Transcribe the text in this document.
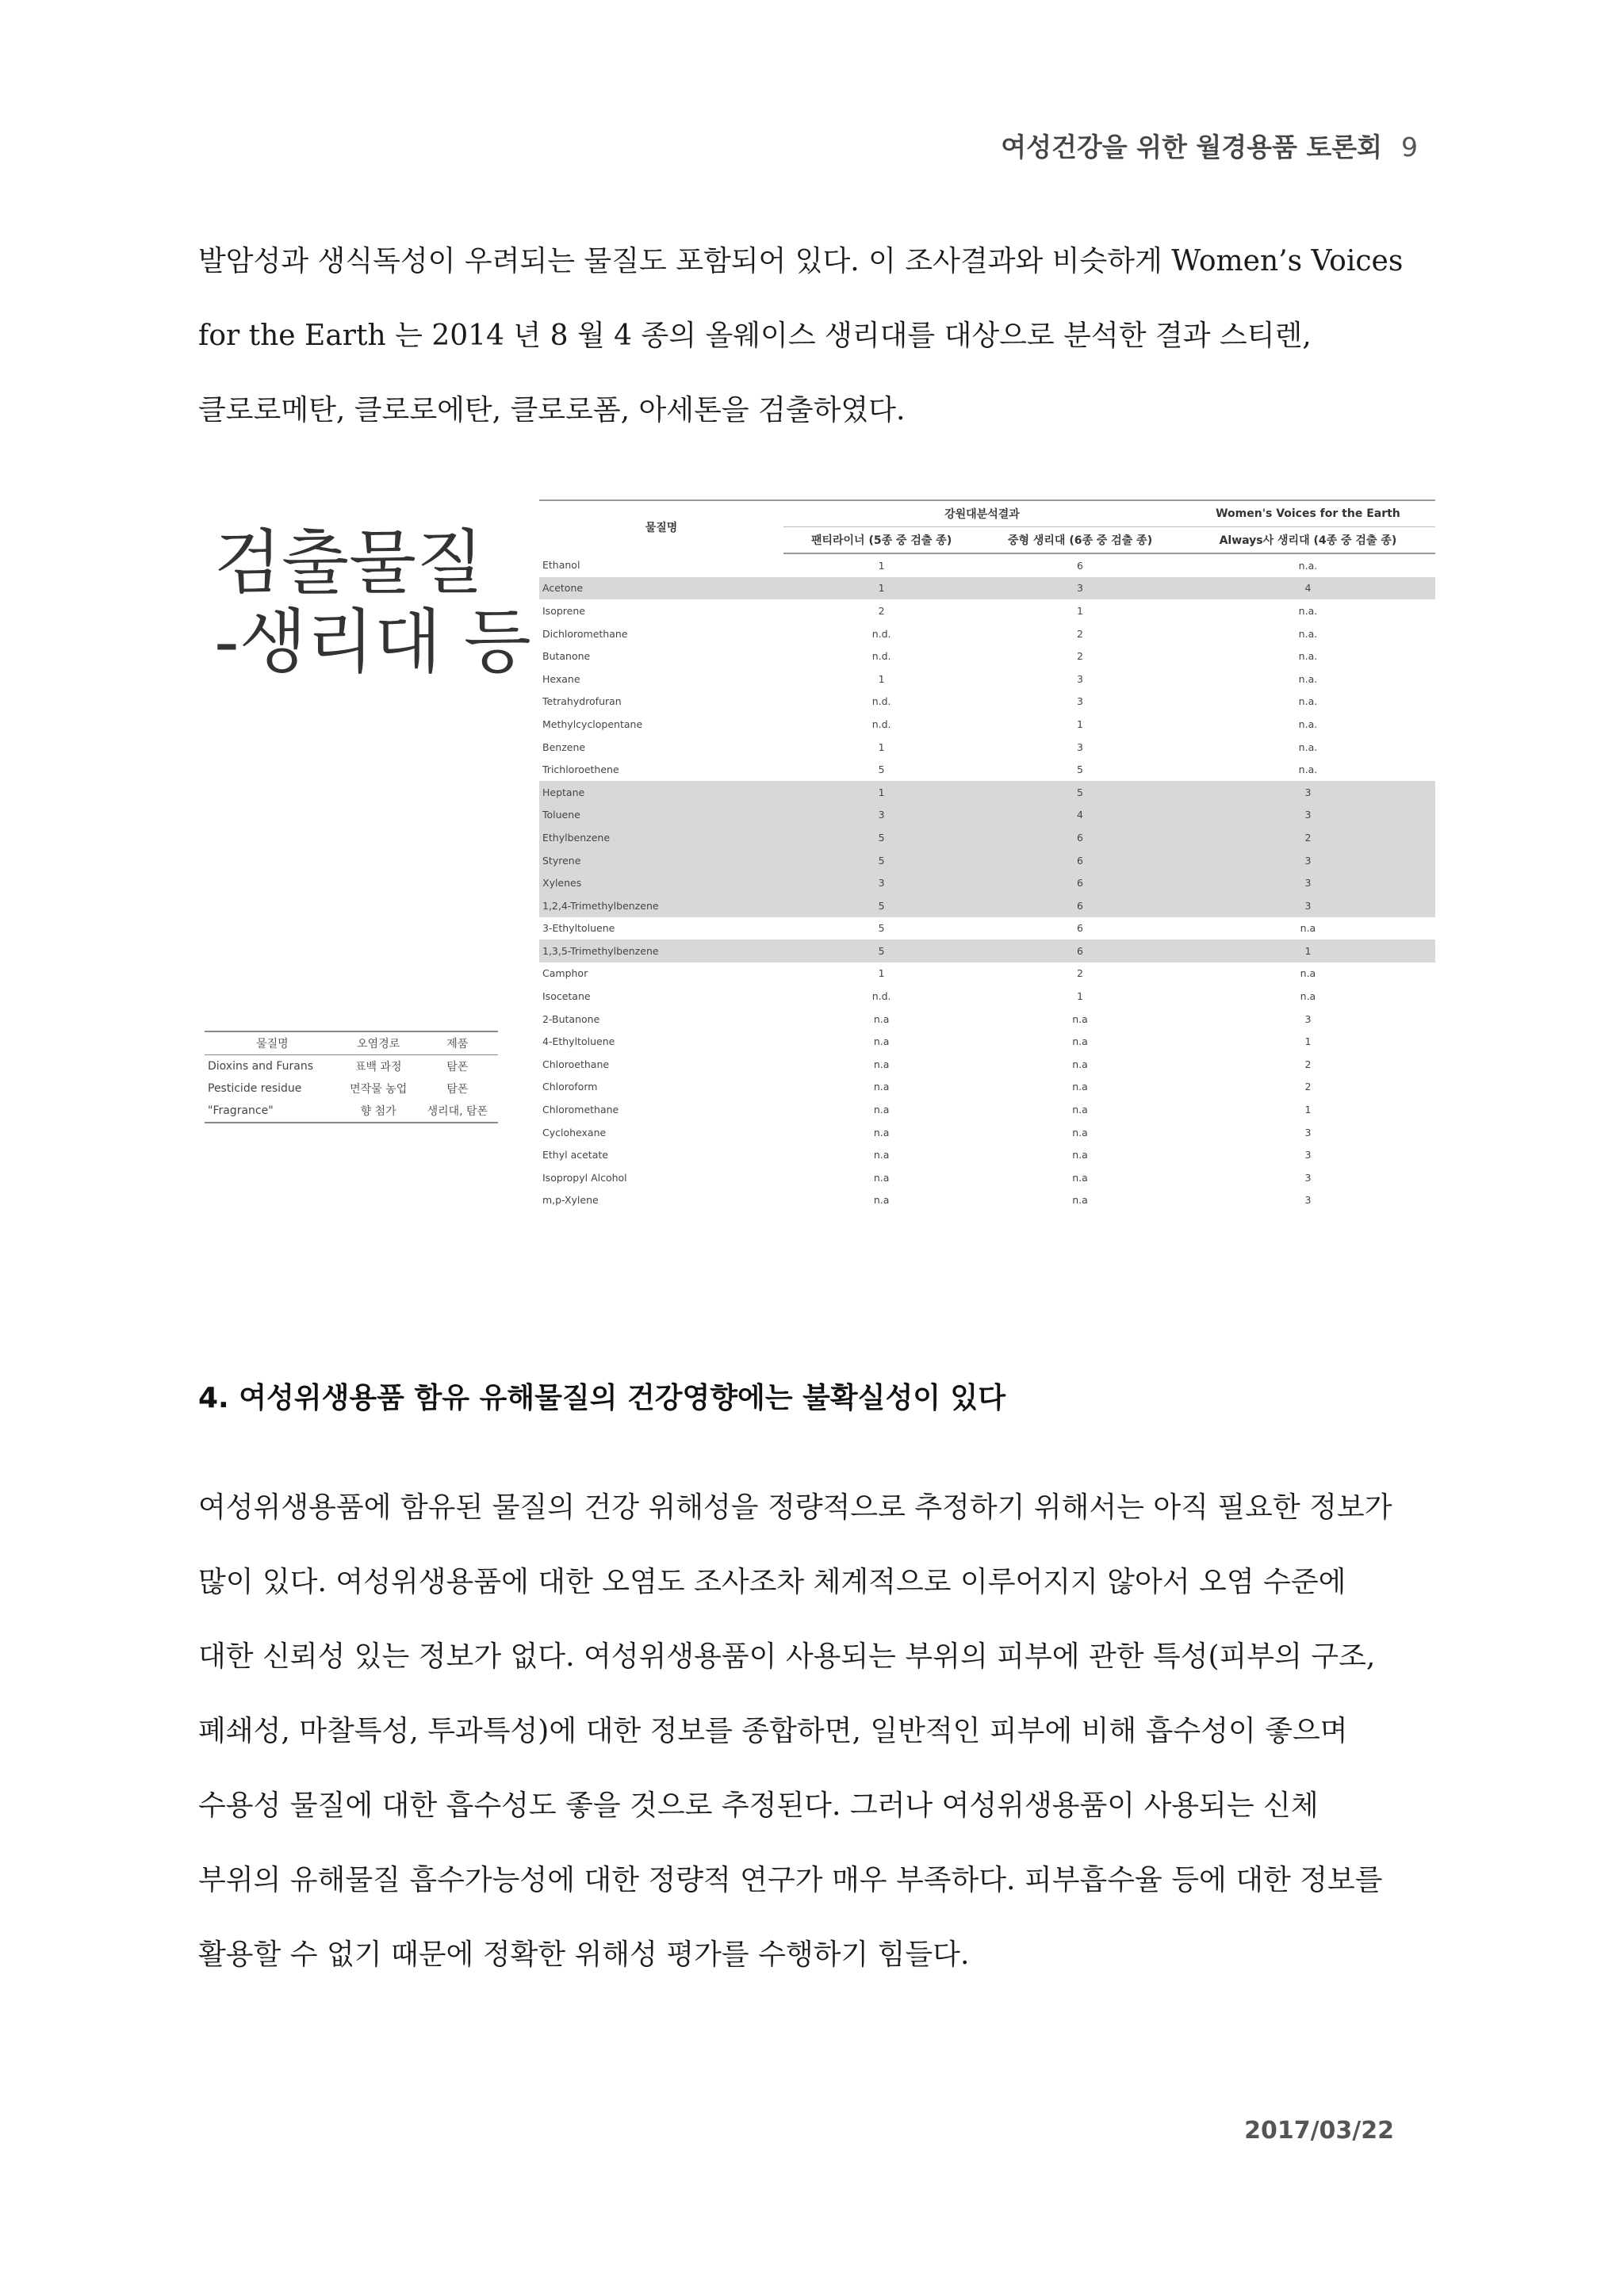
여성건강을 위한 월경용품 토론회 9

발암성과 생식독성이 우려되는 물질도 포함되어 있다. 이 조사결과와 비슷하게 Women’s Voices

for the Earth 는 2014 년 8 월 4 종의 올웨이스 생리대를 대상으로 분석한 결과 스티렌,

클로로메탄, 클로로에탄, 클로로폼, 아세톤을 검출하였다.

검출물질
-생리대 등
물질명	오염경로	제품
Dioxins and Furans	표백 과정	탐폰
Pesticide residue	면작물 농업	탐폰
"Fragrance"	향 첨가	생리대, 탐폰
물질명	강원대분석결과		Women's Voices for the Earth
	팬티라이너 (5종 중 검출 종)	중형 생리대 (6종 중 검출 종)	Always사 생리대 (4종 중 검출 종)
Ethanol	1	6	n.a.
Acetone	1	3	4
Isoprene	2	1	n.a.
Dichloromethane	n.d.	2	n.a.
Butanone	n.d.	2	n.a.
Hexane	1	3	n.a.
Tetrahydrofuran	n.d.	3	n.a.
Methylcyclopentane	n.d.	1	n.a.
Benzene	1	3	n.a.
Trichloroethene	5	5	n.a.
Heptane	1	5	3
Toluene	3	4	3
Ethylbenzene	5	6	2
Styrene	5	6	3
Xylenes	3	6	3
1,2,4-Trimethylbenzene	5	6	3
3-Ethyltoluene	5	6	n.a
1,3,5-Trimethylbenzene	5	6	1
Camphor	1	2	n.a
Isocetane	n.d.	1	n.a
2-Butanone	n.a	n.a	3
4-Ethyltoluene	n.a	n.a	1
Chloroethane	n.a	n.a	2
Chloroform	n.a	n.a	2
Chloromethane	n.a	n.a	1
Cyclohexane	n.a	n.a	3
Ethyl acetate	n.a	n.a	3
Isopropyl Alcohol	n.a	n.a	3
m,p-Xylene	n.a	n.a	3
4. 여성위생용품 함유 유해물질의 건강영향에는 불확실성이 있다

여성위생용품에 함유된 물질의 건강 위해성을 정량적으로 추정하기 위해서는 아직 필요한 정보가

많이 있다. 여성위생용품에 대한 오염도 조사조차 체계적으로 이루어지지 않아서 오염 수준에

대한 신뢰성 있는 정보가 없다. 여성위생용품이 사용되는 부위의 피부에 관한 특성(피부의 구조,

폐쇄성, 마찰특성, 투과특성)에 대한 정보를 종합하면, 일반적인 피부에 비해 흡수성이 좋으며

수용성 물질에 대한 흡수성도 좋을 것으로 추정된다. 그러나 여성위생용품이 사용되는 신체

부위의 유해물질 흡수가능성에 대한 정량적 연구가 매우 부족하다. 피부흡수율 등에 대한 정보를

활용할 수 없기 때문에 정확한 위해성 평가를 수행하기 힘들다.

2017/03/22
